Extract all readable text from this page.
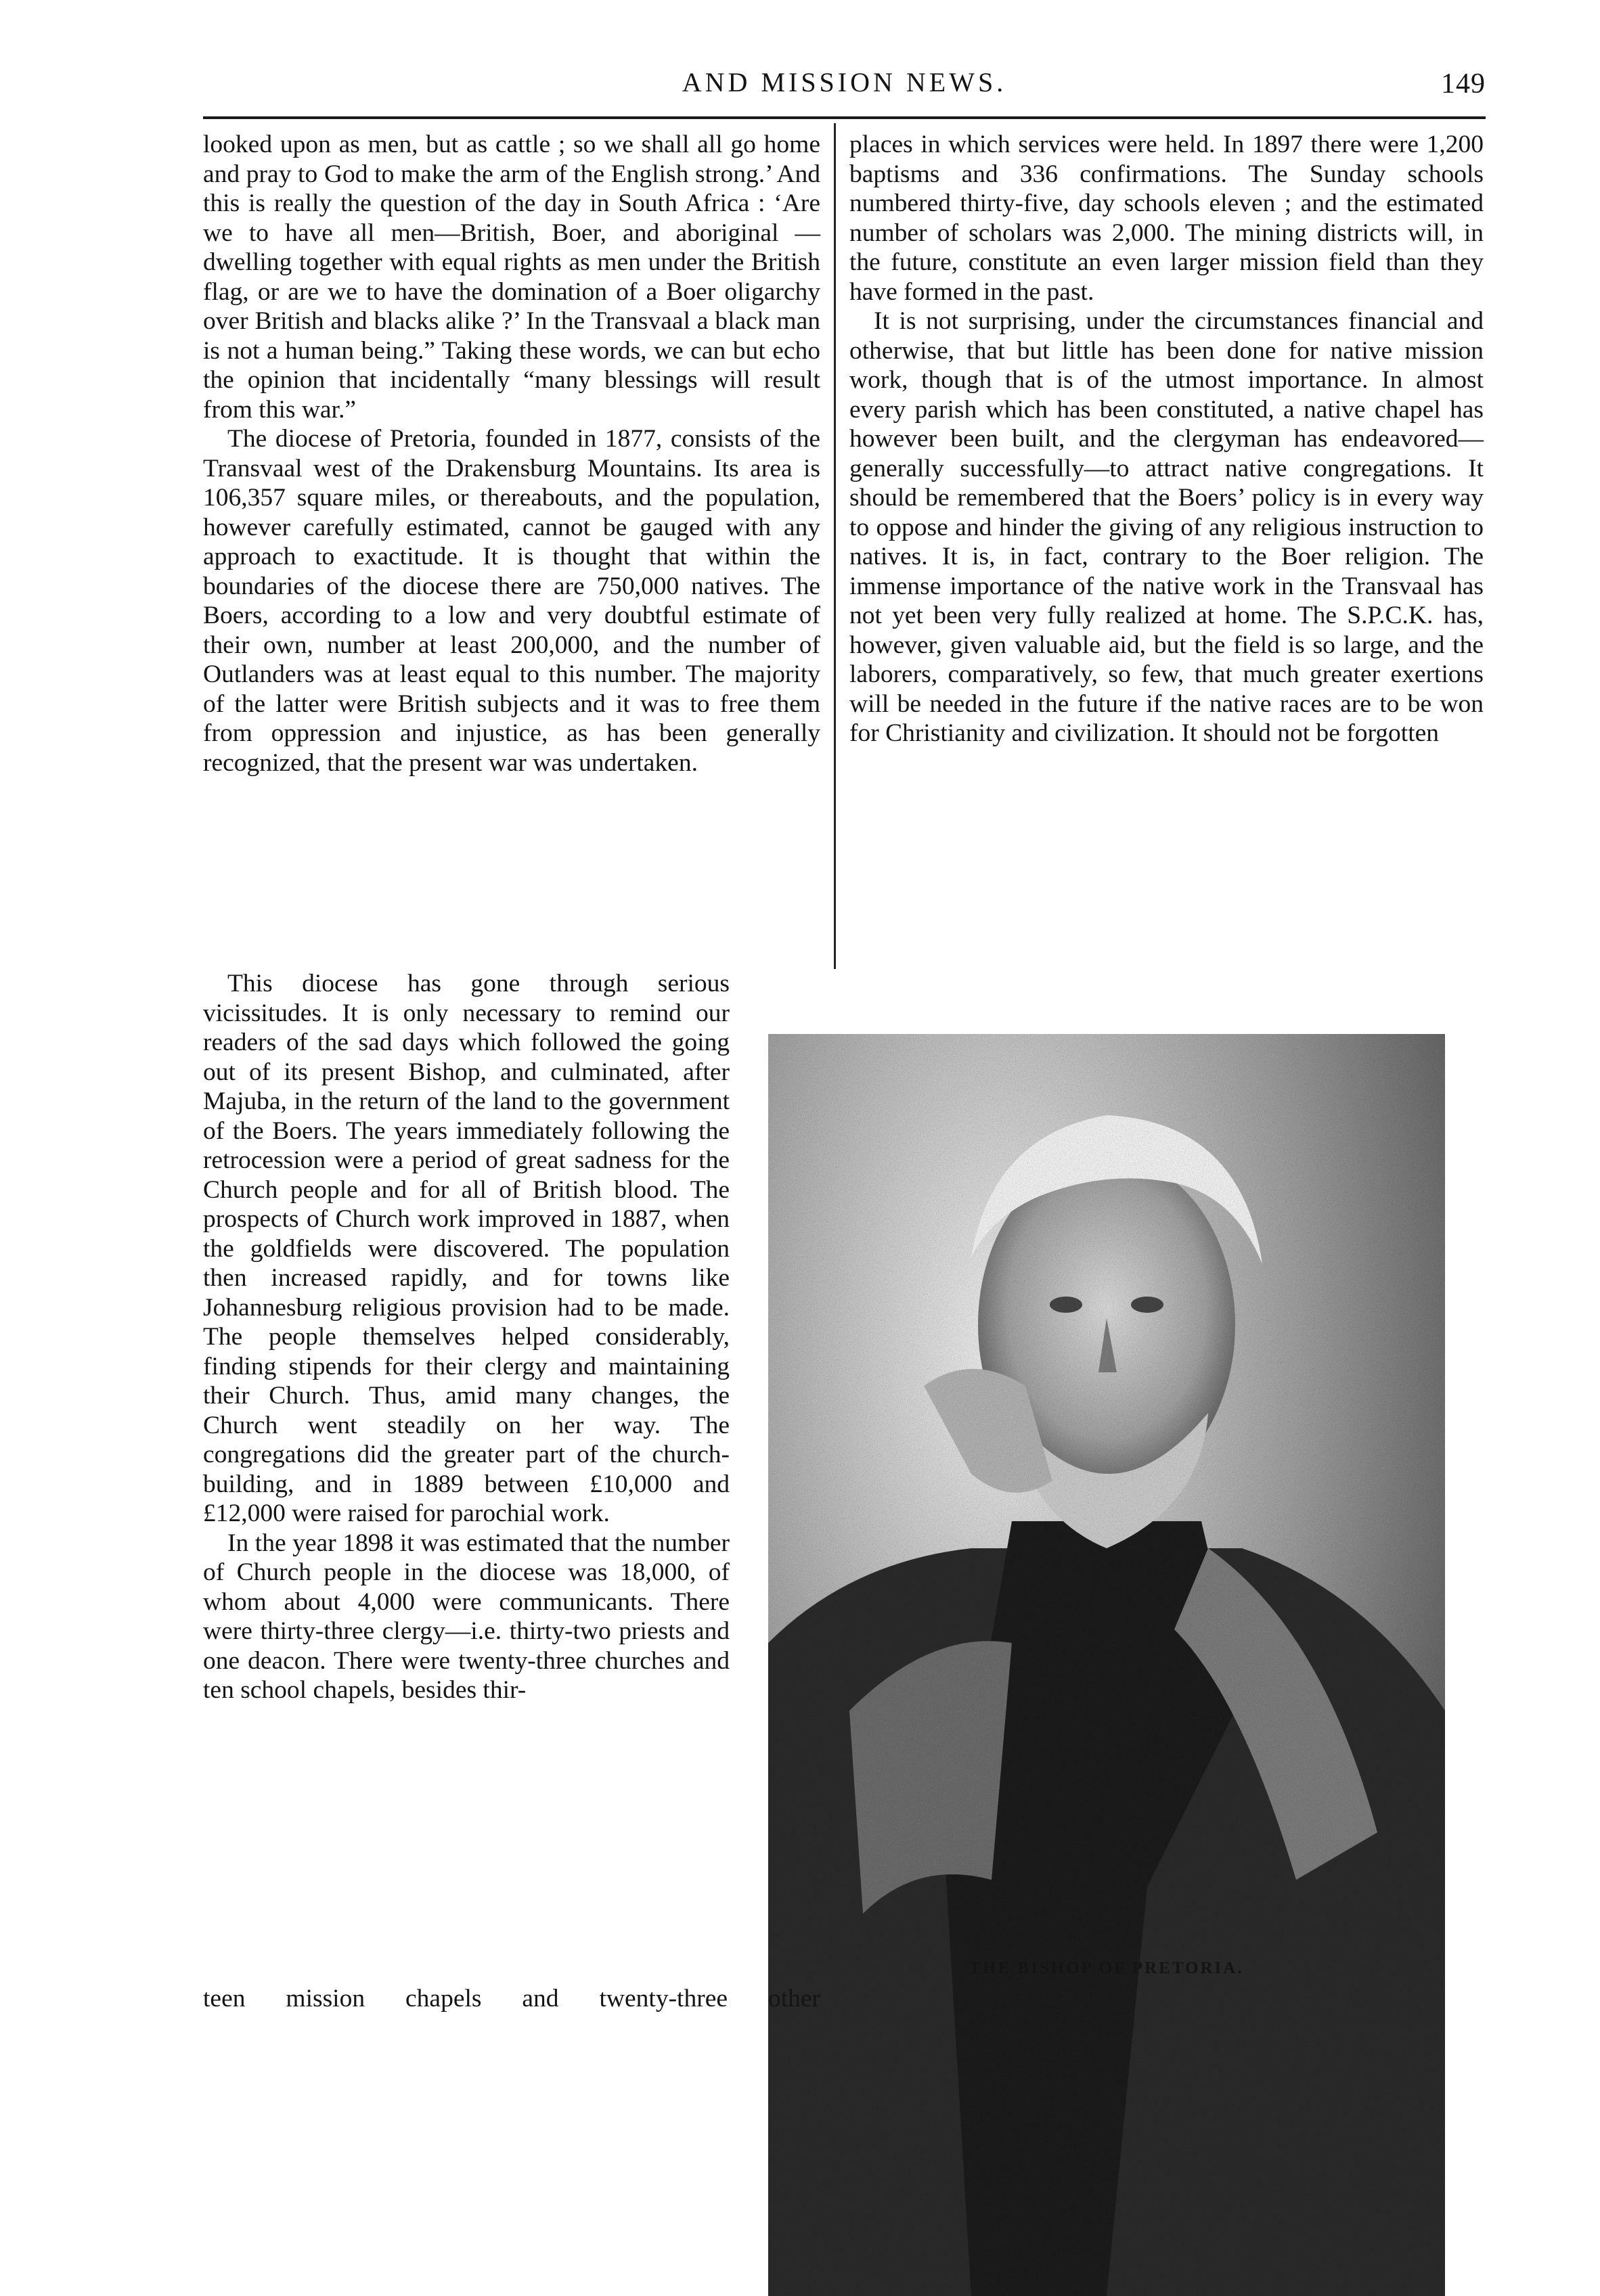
AND MISSION NEWS.	149

looked upon as men, but as cattle ; so we shall all go home and pray to God to make the arm of the English strong.’ And this is really the question of the day in South Africa : ‘Are we to have all men—British, Boer, and aboriginal — dwelling together with equal rights as men under the British flag, or are we to have the domination of a Boer oligarchy over British and blacks alike ?’ In the Transvaal a black man is not a human being.” Taking these words, we can but echo the opinion that incidentally “many blessings will result from this war.”

The diocese of Pretoria, founded in 1877, consists of the Transvaal west of the Drakensburg Mountains. Its area is 106,357 square miles, or thereabouts, and the population, however carefully estimated, cannot be gauged with any approach to exactitude. It is thought that within the boundaries of the diocese there are 750,000 natives. The Boers, according to a low and very doubtful estimate of their own, number at least 200,000, and the number of Outlanders was at least equal to this number. The majority of the latter were British subjects and it was to free them from oppression and injustice, as has been generally recognized, that the present war was undertaken.

This diocese has gone through serious vicissitudes. It is only necessary to remind our readers of the sad days which followed the going out of its present Bishop, and culminated, after Majuba, in the return of the land to the government of the Boers. The years immediately following the retrocession were a period of great sadness for the Church people and for all of British blood. The prospects of Church work improved in 1887, when the goldfields were discovered. The population then increased rapidly, and for towns like Johannesburg religious provision had to be made. The people themselves helped considerably, finding stipends for their clergy and maintaining their Church. Thus, amid many changes, the Church went steadily on her way. The congregations did the greater part of the church-building, and in 1889 between £10,000 and £12,000 were raised for parochial work.

In the year 1898 it was estimated that the number of Church people in the diocese was 18,000, of whom about 4,000 were communicants. There were thirty-three clergy—i.e. thirty-two priests and one deacon. There were twenty-three churches and ten school chapels, besides thir-

places in which services were held. In 1897 there were 1,200 baptisms and 336 confirmations. The Sunday schools numbered thirty-five, day schools eleven ; and the estimated number of scholars was 2,000. The mining districts will, in the future, constitute an even larger mission field than they have formed in the past.

It is not surprising, under the circumstances financial and otherwise, that but little has been done for native mission work, though that is of the utmost importance. In almost every parish which has been constituted, a native chapel has however been built, and the clergyman has endeavored—generally successfully—to attract native congregations. It should be remembered that the Boers’ policy is in every way to oppose and hinder the giving of any religious instruction to natives. It is, in fact, contrary to the Boer religion. The immense importance of the native work in the Transvaal has not yet been very fully realized at home. The S.P.C.K. has, however, given valuable aid, but the field is so large, and the laborers, comparatively, so few, that much greater exertions will be needed in the future if the native races are to be won for Christianity and civilization. It should not be forgotten

THE BISHOP OF PRETORIA.
teen mission chapels and twenty-three other
